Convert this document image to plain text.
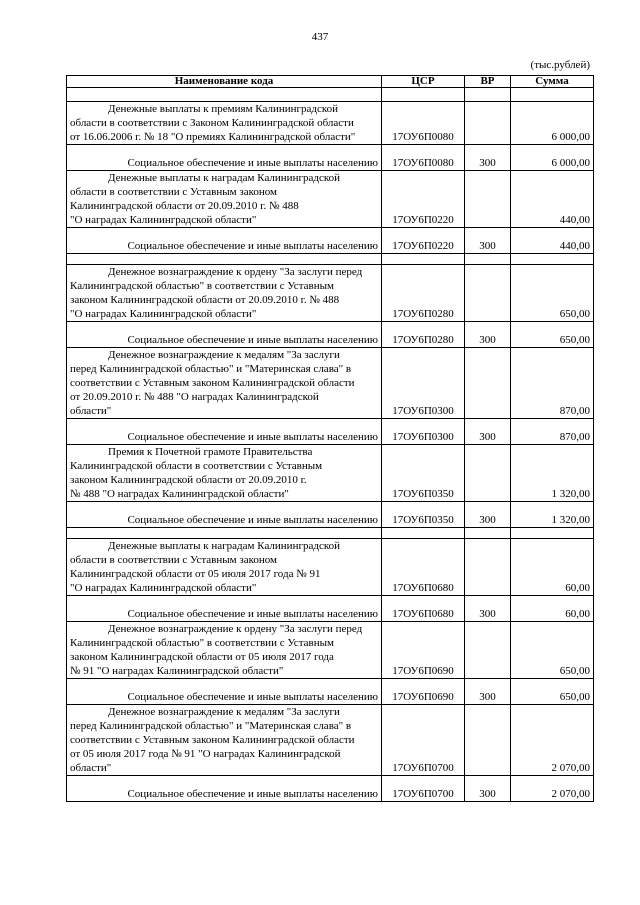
437
(тыс.рублей)
Наименование кода	ЦСР	ВР	Сумма

Денежные выплаты к премиям Калининградской
области в соответствии с Законом Калининградской области
от 16.06.2006 г. № 18 "О премиях Калининградской области"	17ОУ6П0080		6 000,00
Социальное обеспечение и иные выплаты населению	17ОУ6П0080	300	6 000,00
Денежные выплаты к наградам Калининградской
области в соответствии с Уставным законом
Калининградской области от 20.09.2010 г. № 488
"О наградах Калининградской области"	17ОУ6П0220		440,00
Социальное обеспечение и иные выплаты населению	17ОУ6П0220	300	440,00

Денежное вознаграждение к ордену "За заслуги перед
Калининградской областью" в соответствии с Уставным
законом Калининградской области от 20.09.2010 г. № 488
"О наградах Калининградской области"	17ОУ6П0280		650,00
Социальное обеспечение и иные выплаты населению	17ОУ6П0280	300	650,00
Денежное вознаграждение к медалям "За заслуги
перед Калининградской областью" и "Материнская слава" в
соответствии с Уставным законом Калининградской области
от 20.09.2010 г. № 488 "О наградах Калининградской
области"	17ОУ6П0300		870,00
Социальное обеспечение и иные выплаты населению	17ОУ6П0300	300	870,00
Премия к Почетной грамоте Правительства
Калининградской области в соответствии с Уставным
законом Калининградской области от 20.09.2010 г.
№ 488 "О наградах Калининградской области"	17ОУ6П0350		1 320,00
Социальное обеспечение и иные выплаты населению	17ОУ6П0350	300	1 320,00

Денежные выплаты к наградам Калининградской
области в соответствии с Уставным законом
Калининградской области от 05 июля 2017 года № 91
"О наградах Калининградской области"	17ОУ6П0680		60,00
Социальное обеспечение и иные выплаты населению	17ОУ6П0680	300	60,00
Денежное вознаграждение к ордену "За заслуги перед
Калининградской областью" в соответствии с Уставным
законом Калининградской области от 05 июля 2017 года
№ 91 "О наградах Калининградской области"	17ОУ6П0690		650,00
Социальное обеспечение и иные выплаты населению	17ОУ6П0690	300	650,00
Денежное вознаграждение к медалям "За заслуги
перед Калининградской областью" и "Материнская слава" в
соответствии с Уставным законом Калининградской области
от 05 июля 2017 года № 91 "О наградах Калининградской
области"	17ОУ6П0700		2 070,00
Социальное обеспечение и иные выплаты населению	17ОУ6П0700	300	2 070,00
